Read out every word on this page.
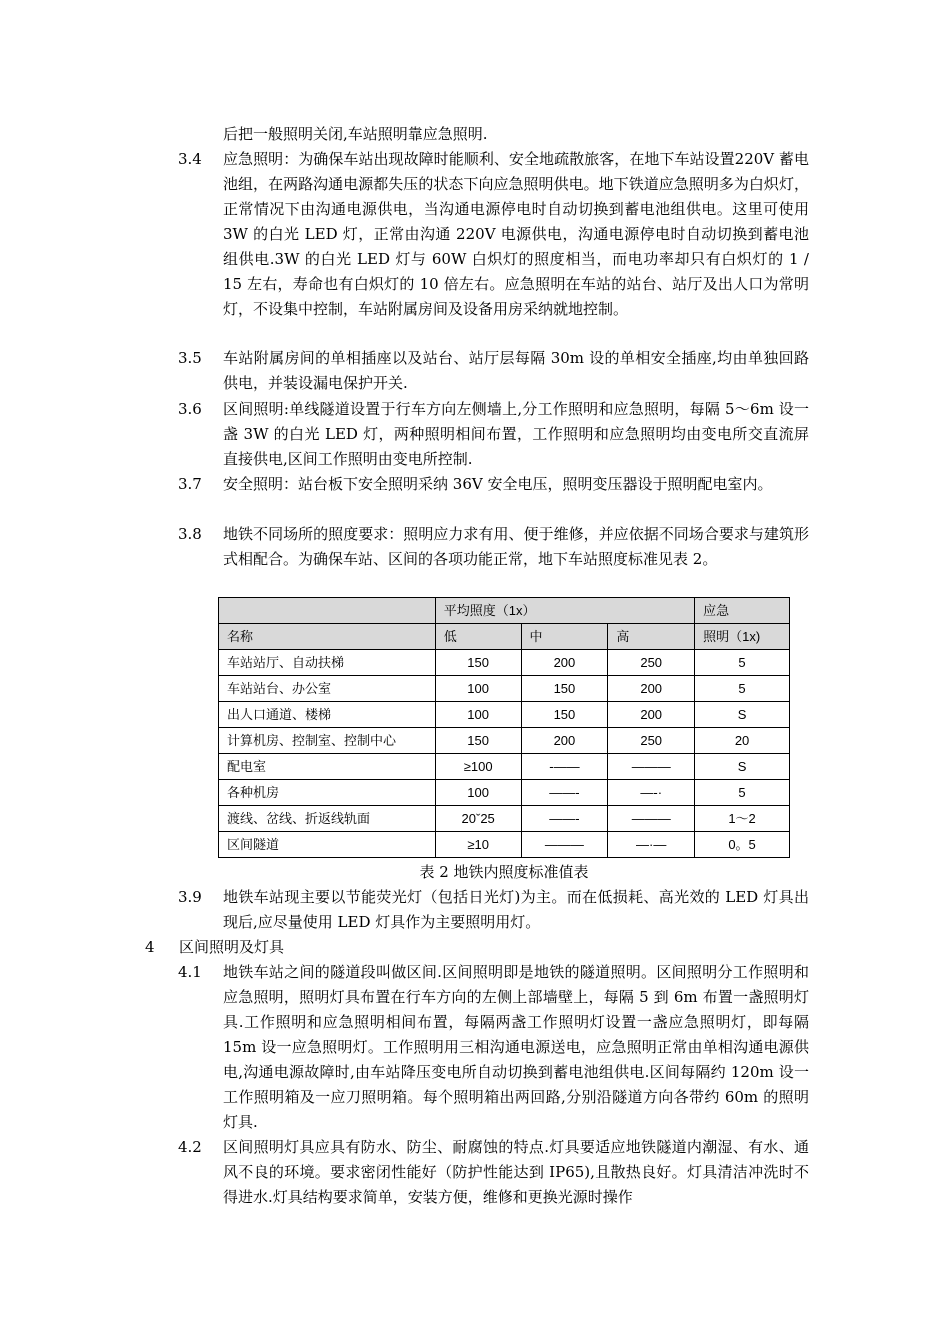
后把一般照明关闭,车站照明靠应急照明.
3.4 应急照明：为确保车站出现故障时能顺利、安全地疏散旅客，在地下车站设置220V 蓄电池组，在两路沟通电源都失压的状态下向应急照明供电。地下铁道应急照明多为白炽灯，正常情况下由沟通电源供电，当沟通电源停电时自动切换到蓄电池组供电。这里可使用 3W 的白光 LED 灯，正常由沟通 220V 电源供电，沟通电源停电时自动切换到蓄电池组供电.3W 的白光 LED 灯与 60W 白炽灯的照度相当，而电功率却只有白炽灯的 1 / 15 左右，寿命也有白炽灯的 10 倍左右。应急照明在车站的站台、站厅及出人口为常明灯，不设集中控制，车站附属房间及设备用房采纳就地控制。
3.5 车站附属房间的单相插座以及站台、站厅层每隔 30m 设的单相安全插座,均由单独回路供电，并装设漏电保护开关.
3.6 区间照明:单线隧道设置于行车方向左侧墙上,分工作照明和应急照明，每隔 5～6m 设一盏 3W 的白光 LED 灯，两种照明相间布置，工作照明和应急照明均由变电所交直流屏直接供电,区间工作照明由变电所控制.
3.7 安全照明：站台板下安全照明采纳 36V 安全电压，照明变压器设于照明配电室内。
3.8 地铁不同场所的照度要求：照明应力求有用、便于维修，并应依据不同场合要求与建筑形式相配合。为确保车站、区间的各项功能正常，地下车站照度标准见表 2。
	平均照度（1x）			应急
名称	低	中	高	照明（1x)
车站站厅、自动扶梯	150	200	250	5
车站站台、办公室	100	150	200	5
出人口通道、楼梯	100	150	200	S
计算机房、控制室、控制中心	150	200	250	20
配电室	≥100	-——	———	S
各种机房	100	——-	—-·	5
渡线、岔线、折返线轨面	20ˇ25	——-	———	1～2
区间隧道	≥10	———	—·—	0。5
表 2 地铁内照度标准值表
3.9 地铁车站现主要以节能荧光灯（包括日光灯)为主。而在低损耗、高光效的 LED 灯具出现后,应尽量使用 LED 灯具作为主要照明用灯。
4 区间照明及灯具
4.1 地铁车站之间的隧道段叫做区间.区间照明即是地铁的隧道照明。区间照明分工作照明和应急照明，照明灯具布置在行车方向的左侧上部墙壁上，每隔 5 到 6m 布置一盏照明灯具.工作照明和应急照明相间布置，每隔两盏工作照明灯设置一盏应急照明灯，即每隔 15m 设一应急照明灯。工作照明用三相沟通电源送电，应急照明正常由单相沟通电源供电,沟通电源故障时,由车站降压变电所自动切换到蓄电池组供电.区间每隔约 120m 设一工作照明箱及一应刀照明箱。每个照明箱出两回路,分别沿隧道方向各带约 60m 的照明灯具.
4.2 区间照明灯具应具有防水、防尘、耐腐蚀的特点.灯具要适应地铁隧道内潮湿、有水、通风不良的环境。要求密闭性能好（防护性能达到 IP65),且散热良好。灯具清洁冲洗时不得进水.灯具结构要求简单，安装方便，维修和更换光源时操作
